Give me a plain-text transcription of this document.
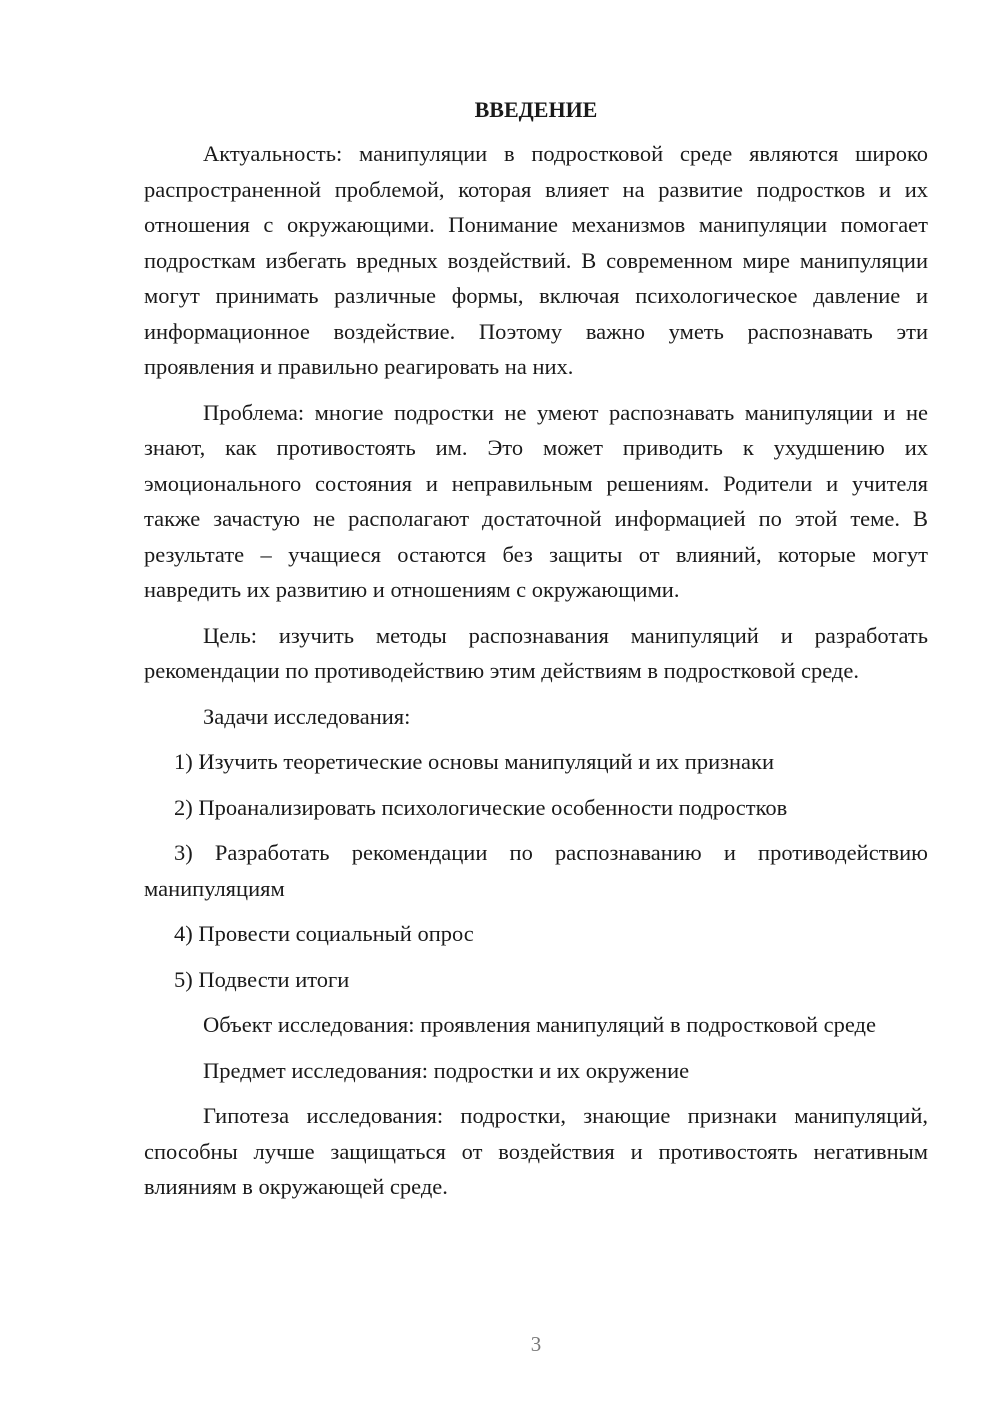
ВВЕДЕНИЕ

Актуальность: манипуляции в подростковой среде являются широко распространенной проблемой, которая влияет на развитие подростков и их отношения с окружающими. Понимание механизмов манипуляции помогает подросткам избегать вредных воздействий. В современном мире манипуляции могут принимать различные формы, включая психологическое давление и информационное воздействие. Поэтому важно уметь распознавать эти проявления и правильно реагировать на них.

Проблема: многие подростки не умеют распознавать манипуляции и не знают, как противостоять им. Это может приводить к ухудшению их эмоционального состояния и неправильным решениям. Родители и учителя также зачастую не располагают достаточной информацией по этой теме. В результате – учащиеся остаются без защиты от влияний, которые могут навредить их развитию и отношениям с окружающими.

Цель: изучить методы распознавания манипуляций и разработать рекомендации по противодействию этим действиям в подростковой среде.

Задачи исследования:

1) Изучить теоретические основы манипуляций и их признаки

2) Проанализировать психологические особенности подростков

3) Разработать рекомендации по распознаванию и противодействию манипуляциям

4) Провести социальный опрос

5) Подвести итоги

Объект исследования: проявления манипуляций в подростковой среде

Предмет исследования: подростки и их окружение

Гипотеза исследования: подростки, знающие признаки манипуляций, способны лучше защищаться от воздействия и противостоять негативным влияниям в окружающей среде.

3
